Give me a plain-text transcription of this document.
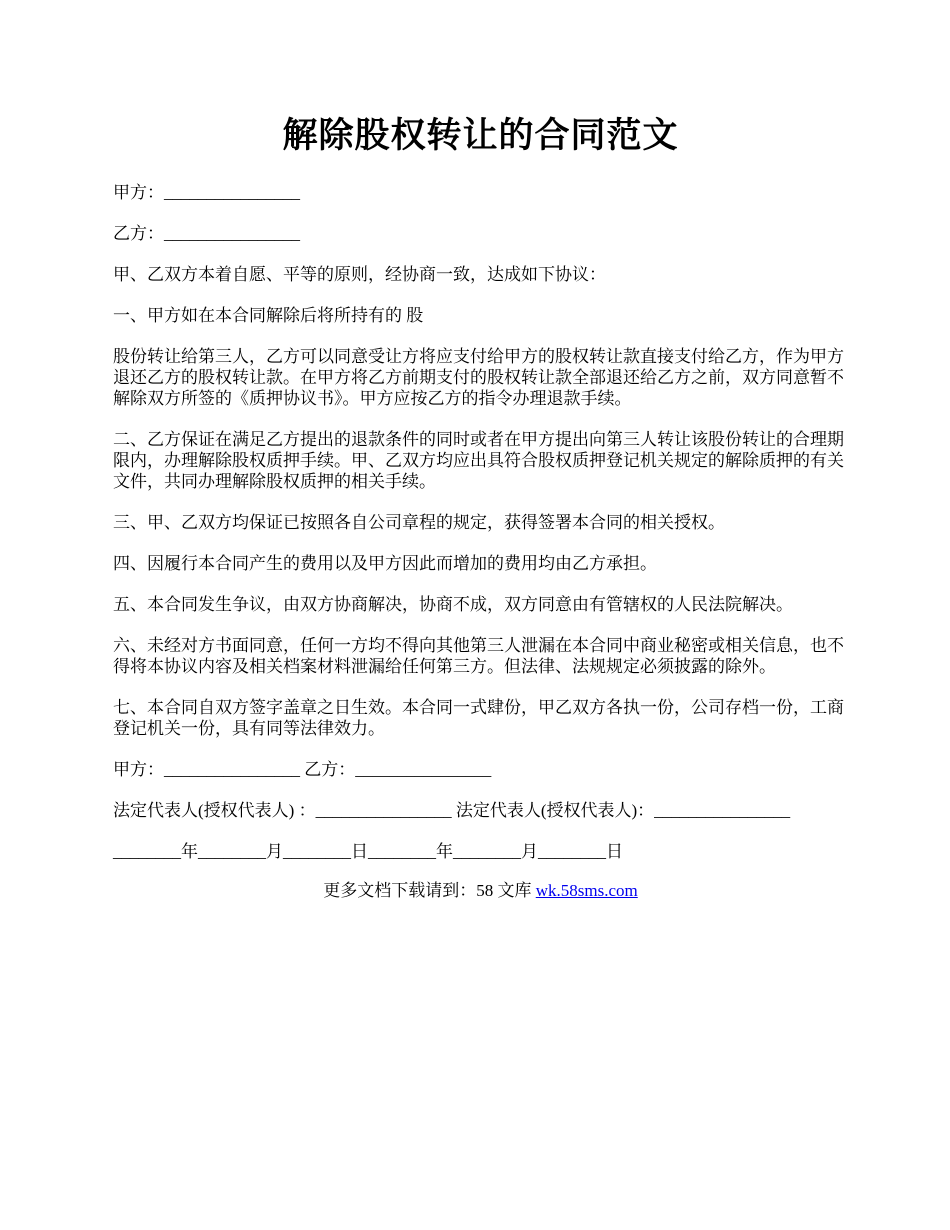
解除股权转让的合同范文

甲方：________________

乙方：________________

甲、乙双方本着自愿、平等的原则，经协商一致，达成如下协议：

一、甲方如在本合同解除后将所持有的 股

股份转让给第三人，乙方可以同意受让方将应支付给甲方的股权转让款直接支付给乙方，作为甲方退还乙方的股权转让款。在甲方将乙方前期支付的股权转让款全部退还给乙方之前，双方同意暂不解除双方所签的《质押协议书》。甲方应按乙方的指令办理退款手续。

二、乙方保证在满足乙方提出的退款条件的同时或者在甲方提出向第三人转让该股份转让的合理期限内，办理解除股权质押手续。甲、乙双方均应出具符合股权质押登记机关规定的解除质押的有关文件，共同办理解除股权质押的相关手续。

三、甲、乙双方均保证已按照各自公司章程的规定，获得签署本合同的相关授权。

四、因履行本合同产生的费用以及甲方因此而增加的费用均由乙方承担。

五、本合同发生争议，由双方协商解决，协商不成，双方同意由有管辖权的人民法院解决。

六、未经对方书面同意，任何一方均不得向其他第三人泄漏在本合同中商业秘密或相关信息，也不得将本协议内容及相关档案材料泄漏给任何第三方。但法律、法规规定必须披露的除外。

七、本合同自双方签字盖章之日生效。本合同一式肆份，甲乙双方各执一份，公司存档一份，工商登记机关一份，具有同等法律效力。

甲方：________________ 乙方：________________

法定代表人(授权代表人) ：________________ 法定代表人(授权代表人)：________________

________年________月________日________年________月________日

更多文档下载请到：58 文库 wk.58sms.com
